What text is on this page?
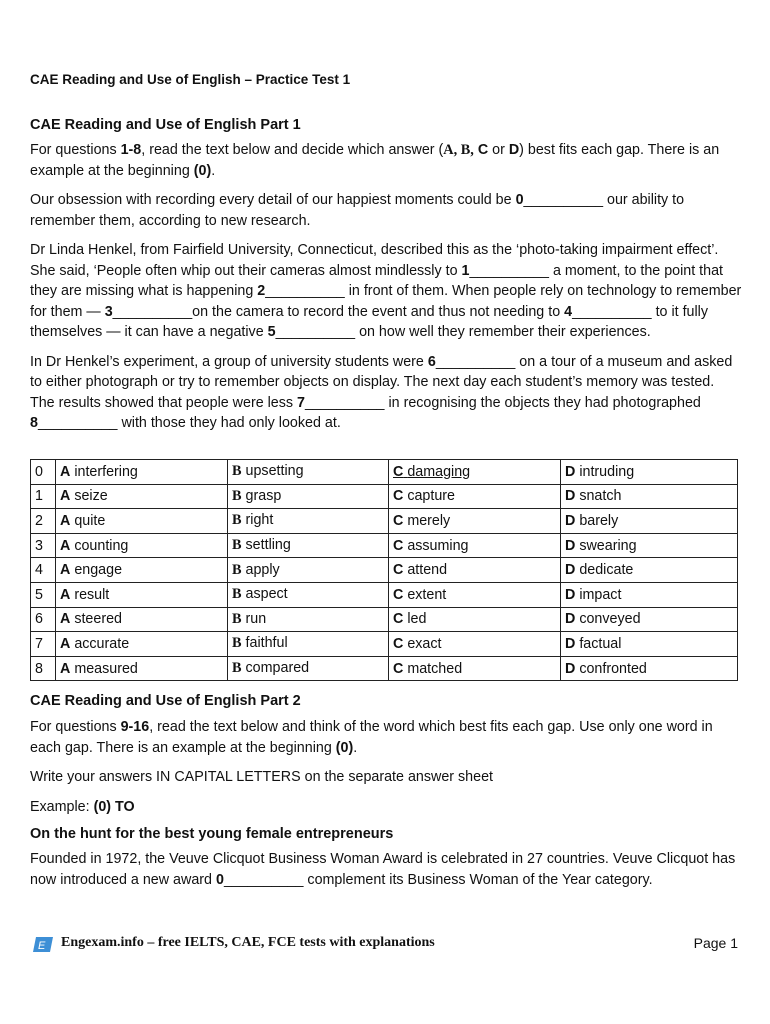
CAE Reading and Use of English – Practice Test 1
CAE Reading and Use of English Part 1

For questions 1-8, read the text below and decide which answer (A, B, C or D) best fits each gap. There is an example at the beginning (0).

Our obsession with recording every detail of our happiest moments could be 0__________ our ability to remember them, according to new research.

Dr Linda Henkel, from Fairfield University, Connecticut, described this as the ‘photo-taking impairment effect’. She said, ‘People often whip out their cameras almost mindlessly to 1__________ a moment, to the point that they are missing what is happening 2__________ in front of them. When people rely on technology to remember for them — 3__________on the camera to record the event and thus not needing to 4__________ to it fully themselves — it can have a negative 5__________ on how well they remember their experiences.

In Dr Henkel’s experiment, a group of university students were 6__________ on a tour of a museum and asked to either photograph or try to remember objects on display. The next day each student’s memory was tested. The results showed that people were less 7__________ in recognising the objects they had photographed 8__________ with those they had only looked at.

0	A interfering	B upsetting	C damaging	D intruding
1	A seize	B grasp	C capture	D snatch
2	A quite	B right	C merely	D barely
3	A counting	B settling	C assuming	D swearing
4	A engage	B apply	C attend	D dedicate
5	A result	B aspect	C extent	D impact
6	A steered	B run	C led	D conveyed
7	A accurate	B faithful	C exact	D factual
8	A measured	B compared	C matched	D confronted
CAE Reading and Use of English Part 2

For questions 9-16, read the text below and think of the word which best fits each gap. Use only one word in each gap. There is an example at the beginning (0).

Write your answers IN CAPITAL LETTERS on the separate answer sheet

Example: (0) TO

On the hunt for the best young female entrepreneurs

Founded in 1972, the Veuve Clicquot Business Woman Award is celebrated in 27 countries. Veuve Clicquot has now introduced a new award 0__________ complement its Business Woman of the Year category.

E Engexam.info – free IELTS, CAE, FCE tests with explanations	Page 1
